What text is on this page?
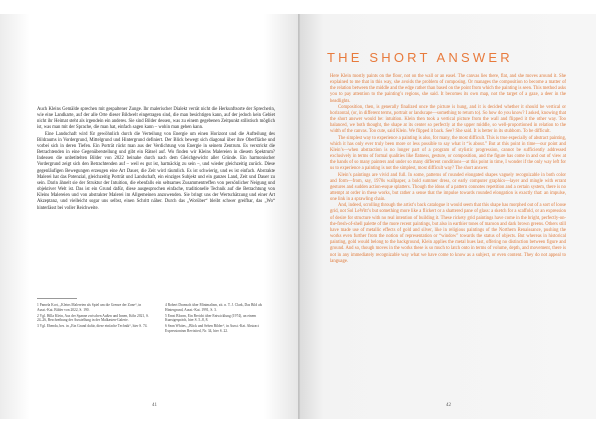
Auch Kleins Gemälde sprechen mit gespaltener Zunge. Ihr malerischer Dialekt verrät nicht die Herkunftsorte der Sprecherin, wie eine Landkarte, auf der alle Orte dieser Bildwelt eingetragen sind, die man besichtigen kann, auf der jedoch kein Gebiet nicht ihr Heimat steht als irgendein ein anderes. Sie sind Bilder dessen, was zu einem gegebenen Zeitpunkt stillstisch möglich ist, was man mit der Sprache, die man hat, einfach sagen kann – wohin man gehen kann.

Eine Landschaft wird für gewöhnlich durch die Verteilung von Energie um einen Horizont und die Aufteilung des Bildraums in Vordergrund, Mittelgrund und Hintergrund definiert. Der Blick bewegt sich diagonal über ihre Oberfläche und vorbei sich in deren Tiefen. Ein Porträt rückt man aus der Verdichtung von Energie in seinem Zentrum. Es verstrickt die Betrachtenden in eine Gegenüberstellung und gibt ein Rätsel auf. Wo finden wir Kleins Malereien in diesem Spektrum? Indessen die unbetitelten Bilder von 2022 beinahe durch nach dem Gleichgewicht aller Gründe. Ein harmonischer Vordergrund zeigt sich den Betrachtenden auf – weil es gut ist, hartnäckig zu sein –, und wieder gleichzeitig zurück. Diese gegenläufigen Bewegungen erzeugen eine Art Dauer, die Zeit wird räumlich. Es ist schwierig, und es ist einfach. Abstrakte Malerei hat das Potenzial, gleichzeitig Porträt und Landschaft, ein einziges Subjekt und ein ganzes Land, Zeit und Dauer zu sein. Darin ähnelt sie der Struktur der Intuition, die ebenfalls ein seltsames Zusammentreffen von persönlicher Neigung und objektiver Welt ist. Das ist ein Grund dafür, diese ausgesprochen einfache, traditionelle Technik auf die Betrachtung von Kleins Malereien und von abstrakter Malerei im Allgemeinen anzuwenden. Sie bringt uns der Wertschätzung und einer Art Akzeptanz, und vielleicht sogar uns selbst, einen Schritt näher. Durch das „Worüber“ bleibt schwer greifbar, das „Wo“ hinterlässt bei voller Reichweite.

1 Pamela Kort, „Kleins Malereien als Spiel um die Grenze der Zone“, in Ausst.-Kat. Bilder von 2022, S. 190.

2 Vgl. Hilla Klein, Aus der Spanne zwischen Außen und Innen, Köln 2021, S. 24–26, Beschreibung der Ausstellung in der Malkasten-Galerie.

3 Vgl. Ebenda, bes. in „Ein Grund dafür, diese einfache Technik“, hier S. 74.

4 Robert Dramsch über Minimalism, zit. n. T. J. Clark, Das Bild als Hintergrund, Ausst.-Kat. 1991, S. 3.

5 Ernst Bloom, Ein Bericht über Entwicklung (1974), an einem Kunstgespräch, hier S. 5–8, 8.

6 Sean Whites, „Blick und Sehen Bilder“, in Ausst.-Kat. Abstract Expressionism Revisited, Nr. 34, hier S. 22.

41
THE SHORT ANSWER

Here Klein mostly paints on the floor, not on the wall or an easel. The canvas lies there, flat, and she moves around it. She explained to me that in this way, she avoids the problem of composing. Or manages the composition to become a matter of the relation between the middle and the edge rather than based on the point from which the painting is seen. This method asks you to pay attention to the painting’s regions, she said. It becomes its own map, not the target of a gaze, a deer in the headlights.

Composition, then, is generally finalized once the picture is hung, and it is decided whether it should be vertical or horizontal, (or, in different terms, portrait or landscape—something to return to). So how do you know? I asked, knowing that the short answer would be: intuition. Klein then took a vertical picture from the wall and flipped it the other way. Too balanced, we both thought, the shape at its center so perfectly at the upper middle, so well-proportioned in relation to the width of the canvas. Too cute, said Klein. We flipped it back. See? She said. It is better in its stubborn. To be difficult.

The simplest way to experience a painting is also, for many, the most difficult. This is true especially of abstract painting, which it has only ever truly been more or less possible to say what it “is about.” But at this point in time—our point and Klein’s—when abstraction is no longer part of a program of stylistic progression, cannot be sufficiently addressed exclusively in terms of formal qualities like flatness, gesture, or composition, and the figure has come in and out of view at the hands of so many painters and under so many different conditions—at this point in time, I wonder if the only way left for us to experience a painting is not the simplest, most difficult way? The short answer.

Klein’s paintings are vivid and full. In some, patterns of rounded elongated shapes vaguely recognizable in both color and form—from, say, 1970s wallpaper, a bold summer dress, or early computer graphics—layer and mingle with errant gestures and sudden action-esque splatters. Though the ideas of a pattern connotes repetition and a certain system, there is no attempt at order in these works, but rather a sense that the impulse towards rounded elongation is exactly that: an impulse, one link in a sprawling chain.

And, indeed, scrolling through the artist’s back catalogue it would seem that this shape has morphed out of a sort of loose grid, not Sol LeWitt’s but something more like a flickert or a shattered pane of glass: a sketch for a scaffold, or an expression of desire for structure with no real intention of building it. These rickety grid paintings have come in the bright, perfectly-on-the-fresh-of-shell palette of the more recent paintings, but also in earthier tones of maroon and dark brown greens. Others still have made use of metallic effects of gold and silver, like in religious paintings of the Northern Renaissance, pushing the works even further from the notion of representation or “window” towards the status of objects. But whereas in historical painting, gold would belong to the background, Klein applies the metal hues last, offering no distinction between figure and ground. And so, though moves in the works these is so much to latch onto in terms of volume, depth, and movement, there is not in any immediately recognizable way what we have come to know as a subject, or even content. They do not appeal to language.

42
